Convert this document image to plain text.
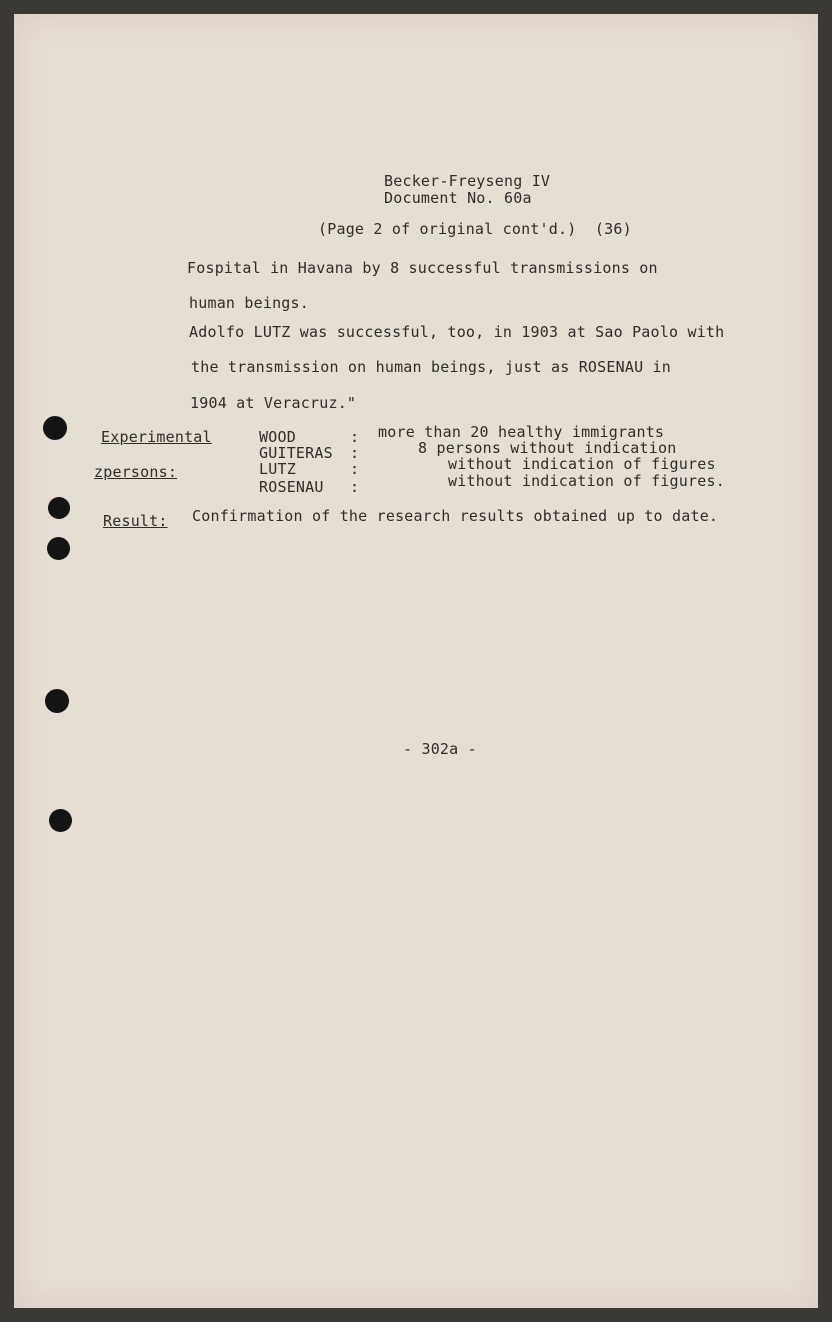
Becker-Freyseng IV
Document No. 60a
(Page 2 of original cont'd.)  (36)
Fospital in Havana by 8 successful transmissions on
human beings.
Adolfo LUTZ was successful, too, in 1903 at Sao Paolo with
the transmission on human beings, just as ROSENAU in
1904 at Veracruz."
Experimental
zpersons:
WOOD
GUITERAS
LUTZ
ROSENAU
:
:
:
:
more than 20 healthy immigrants
8 persons without indication
without indication of figures
without indication of figures.
Result: Confirmation of the research results obtained up to date.
- 302a -
